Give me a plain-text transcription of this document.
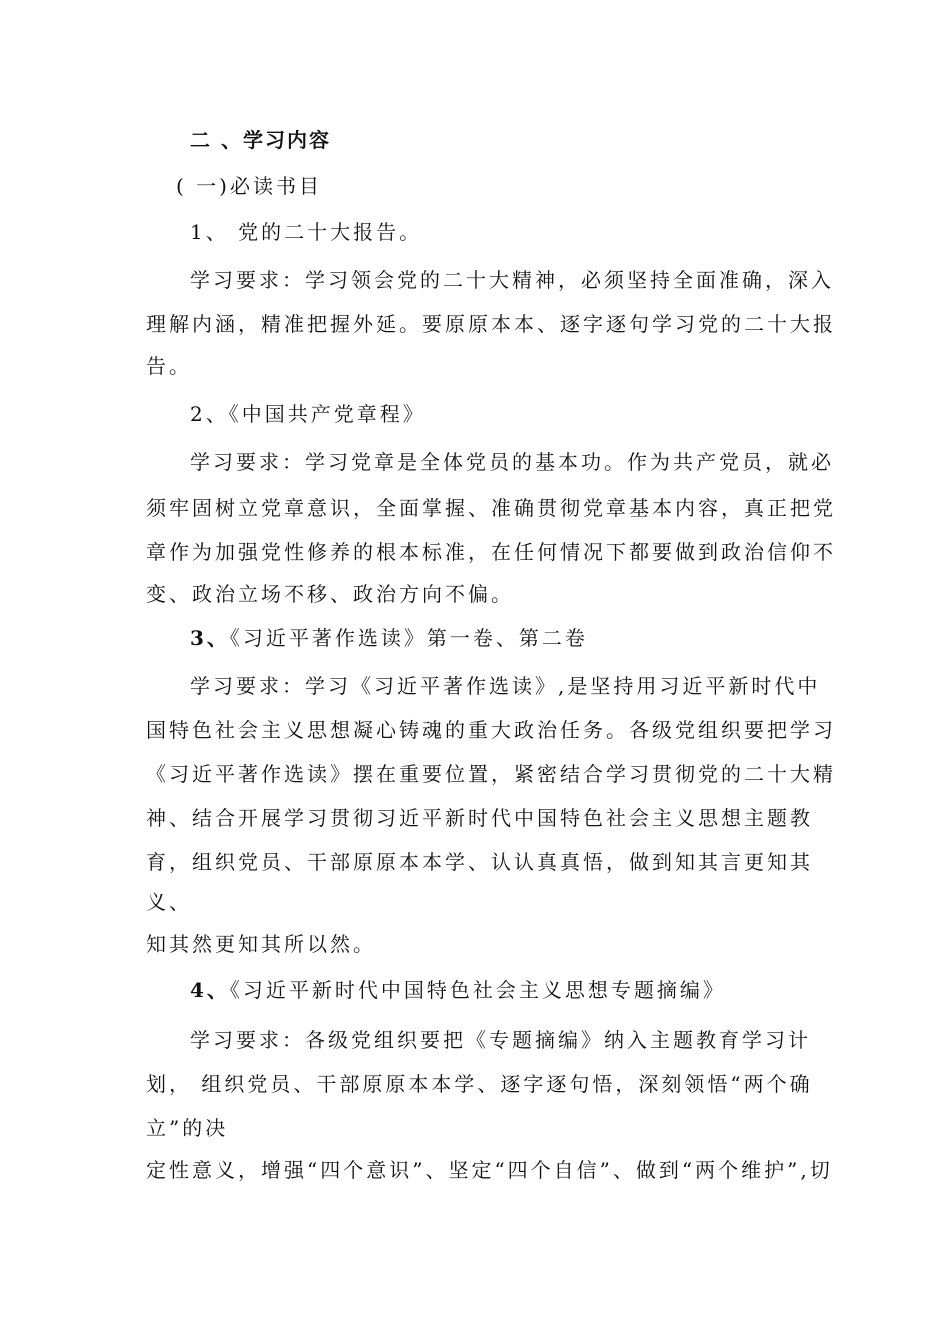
二 、学习内容
( 一)必读书目
1、 党的二十大报告。
学习要求：学习领会党的二十大精神，必须坚持全面准确，深入
理解内涵，精准把握外延。要原原本本、逐字逐句学习党的二十大报
告。
2、《中国共产党章程》
学习要求：学习党章是全体党员的基本功。作为共产党员，就必
须牢固树立党章意识，全面掌握、准确贯彻党章基本内容，真正把党
章作为加强党性修养的根本标准，在任何情况下都要做到政治信仰不
变、政治立场不移、政治方向不偏。
3、《习近平著作选读》第一卷、第二卷
学习要求：学习《习近平著作选读》,是坚持用习近平新时代中
国特色社会主义思想凝心铸魂的重大政治任务。各级党组织要把学习
《习近平著作选读》摆在重要位置，紧密结合学习贯彻党的二十大精
神、结合开展学习贯彻习近平新时代中国特色社会主义思想主题教
育，组织党员、干部原原本本学、认认真真悟，做到知其言更知其
义、
知其然更知其所以然。
4、《习近平新时代中国特色社会主义思想专题摘编》
学习要求：各级党组织要把《专题摘编》纳入主题教育学习计
划， 组织党员、干部原原本本学、逐字逐句悟，深刻领悟“两个确
立”的决
定性意义，增强“四个意识”、坚定“四个自信”、做到“两个维护”,切
